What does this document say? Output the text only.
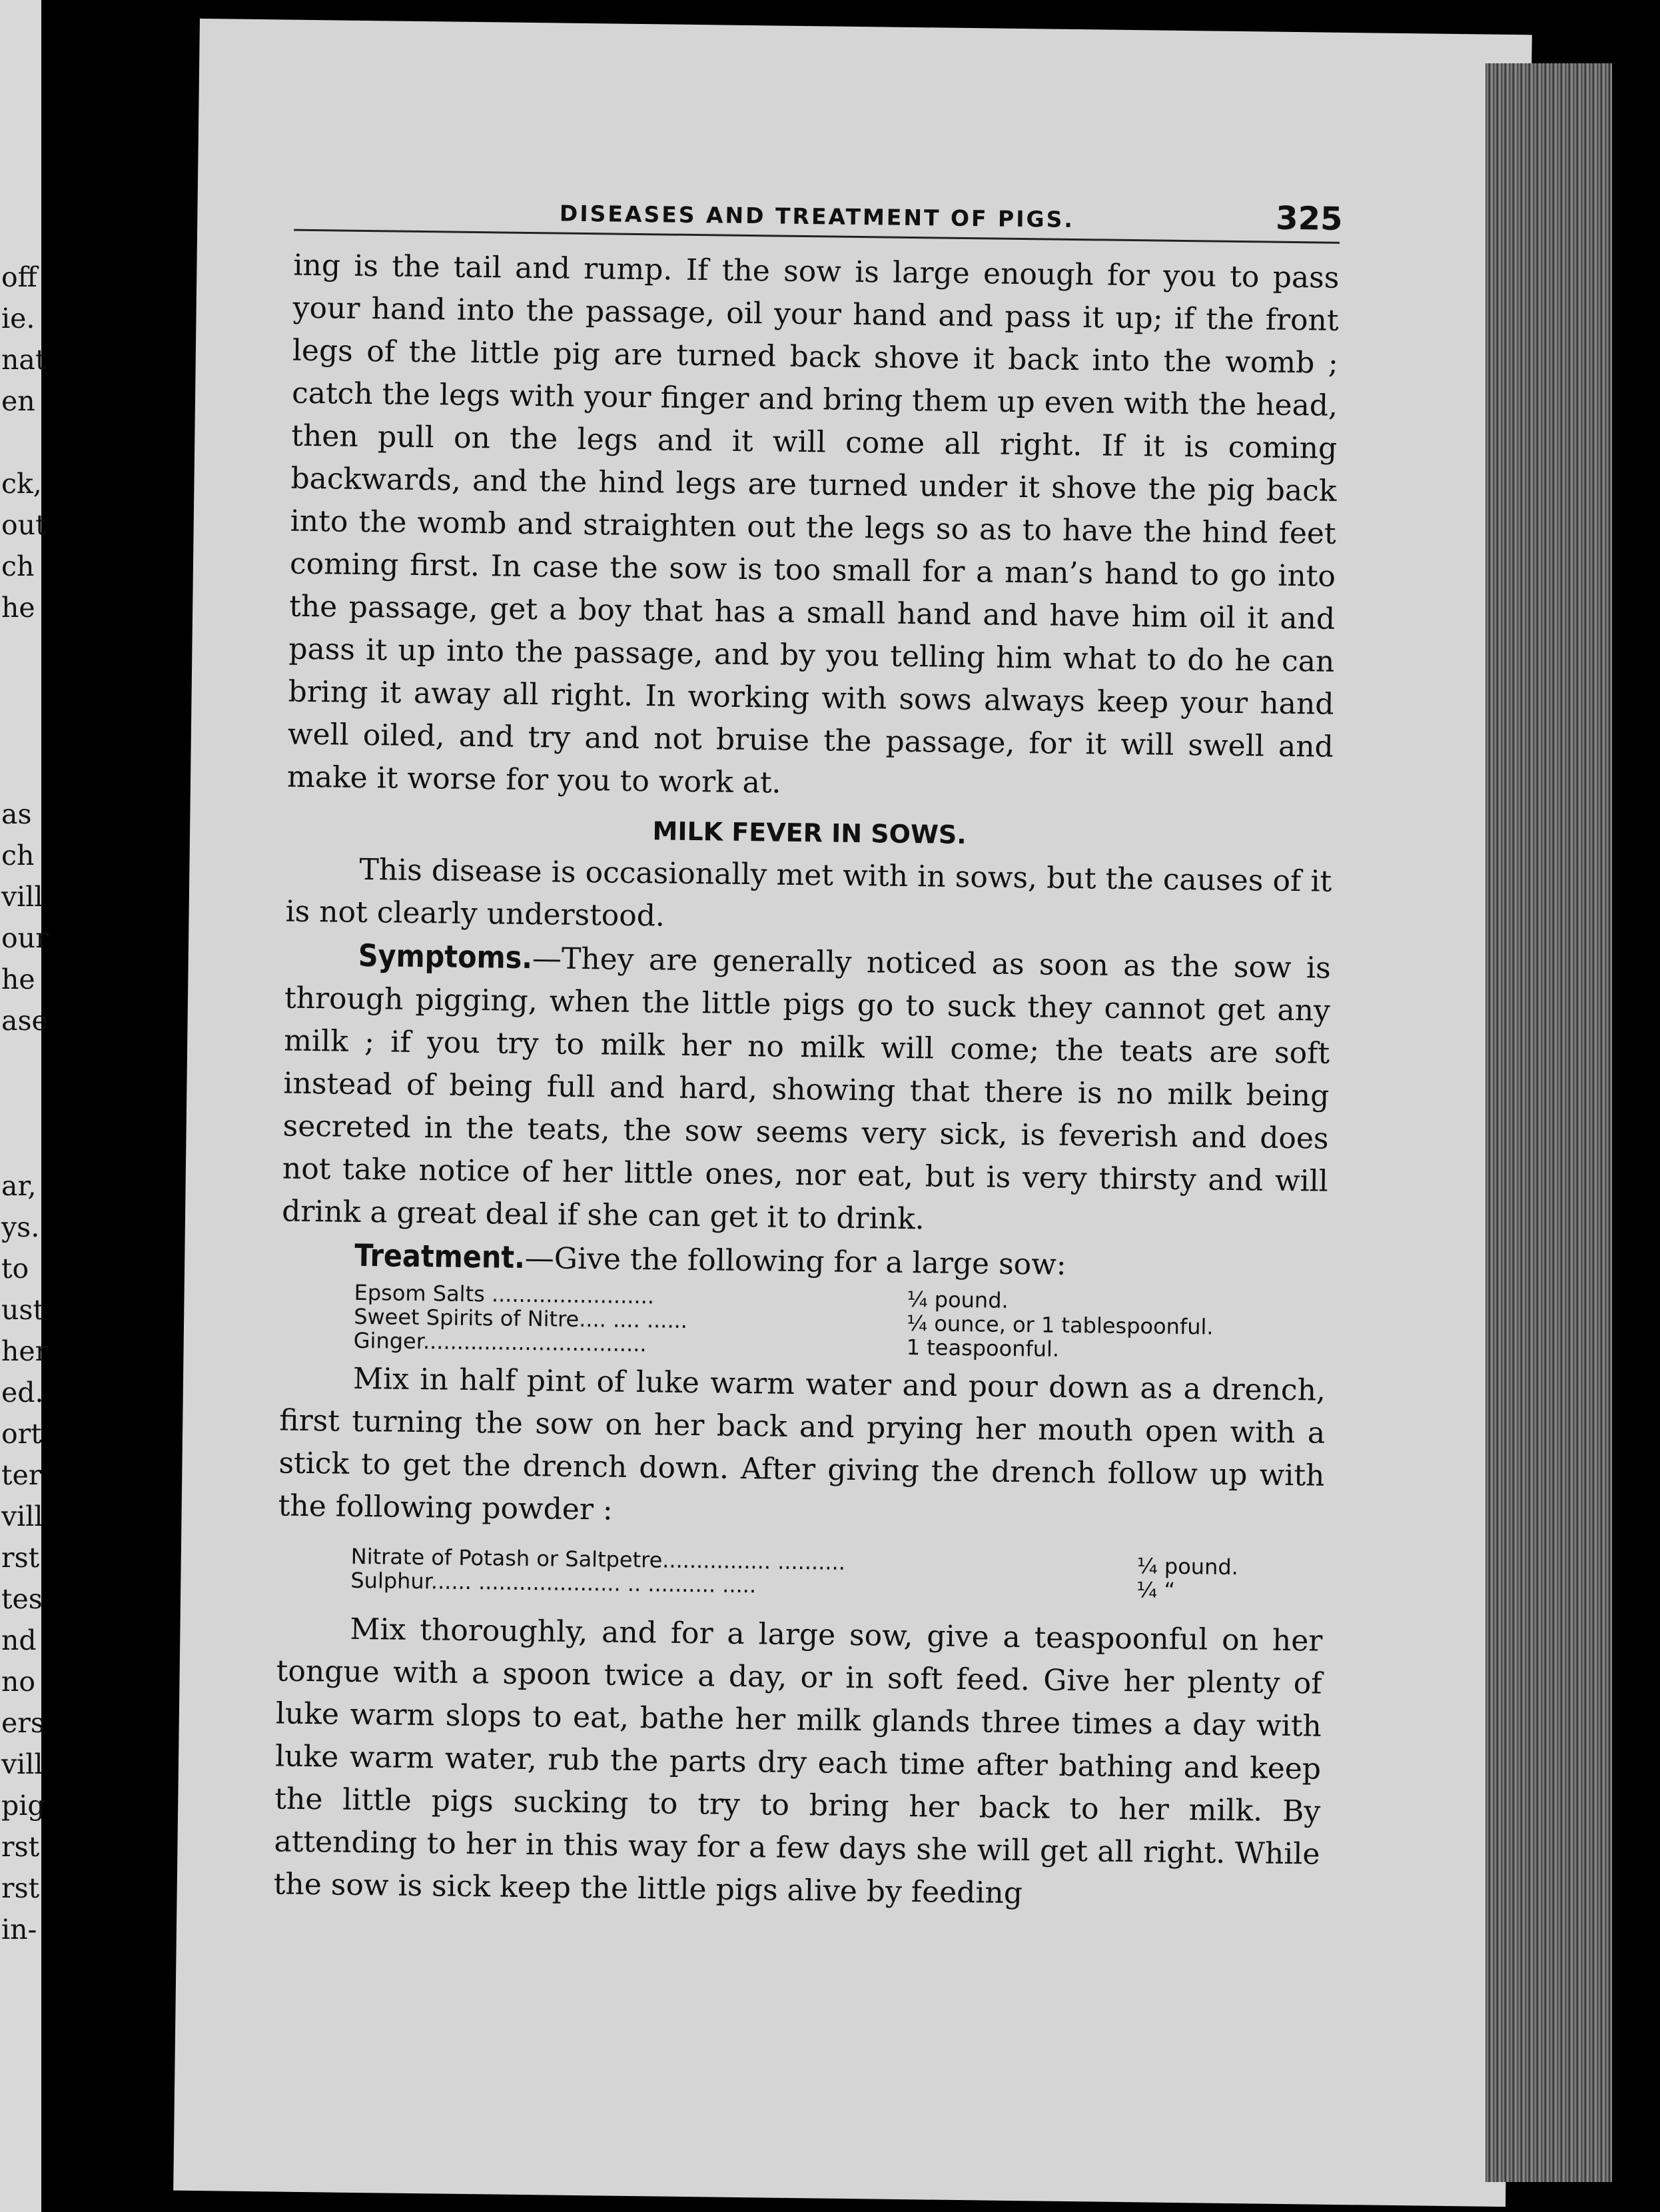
off
ie.
nat
en
ck,
out
ch
he
as
ch
vill
our
he
ase
ar,
ys.
to
ust
her
ed.
ort
ter
vill
rst
tes
nd
no
ers
vill
pig
rst
rst
in-
DISEASES AND TREATMENT OF PIGS.	325

ing is the tail and rump. If the sow is large enough for you to pass your hand into the passage, oil your hand and pass it up; if the front legs of the little pig are turned back shove it back into the womb ; catch the legs with your finger and bring them up even with the head, then pull on the legs and it will come all right. If it is coming backwards, and the hind legs are turned under it shove the pig back into the womb and straighten out the legs so as to have the hind feet coming first. In case the sow is too small for a man’s hand to go into the passage, get a boy that has a small hand and have him oil it and pass it up into the passage, and by you telling him what to do he can bring it away all right. In working with sows always keep your hand well oiled, and try and not bruise the passage, for it will swell and make it worse for you to work at.

MILK FEVER IN SOWS.

This disease is occasionally met with in sows, but the causes of it is not clearly understood.

Symptoms.—They are generally noticed as soon as the sow is through pigging, when the little pigs go to suck they cannot get any milk ; if you try to milk her no milk will come; the teats are soft instead of being full and hard, showing that there is no milk being secreted in the teats, the sow seems very sick, is feverish and does not take notice of her little ones, nor eat, but is very thirsty and will drink a great deal if she can get it to drink.

Treatment.—Give the following for a large sow:

Epsom Salts ........................	¼ pound.
Sweet Spirits of Nitre.... .... ......	¼ ounce, or 1 tablespoonful.
Ginger.................................	1 teaspoonful.

Mix in half pint of luke warm water and pour down as a drench, first turning the sow on her back and prying her mouth open with a stick to get the drench down. After giving the drench follow up with the following powder :

Nitrate of Potash or Saltpetre................ ..........	¼ pound.
Sulphur...... ..................... .. .......... .....	¼ “

Mix thoroughly, and for a large sow, give a teaspoonful on her tongue with a spoon twice a day, or in soft feed. Give her plenty of luke warm slops to eat, bathe her milk glands three times a day with luke warm water, rub the parts dry each time after bathing and keep the little pigs sucking to try to bring her back to her milk. By attending to her in this way for a few days she will get all right. While the sow is sick keep the little pigs alive by feeding
